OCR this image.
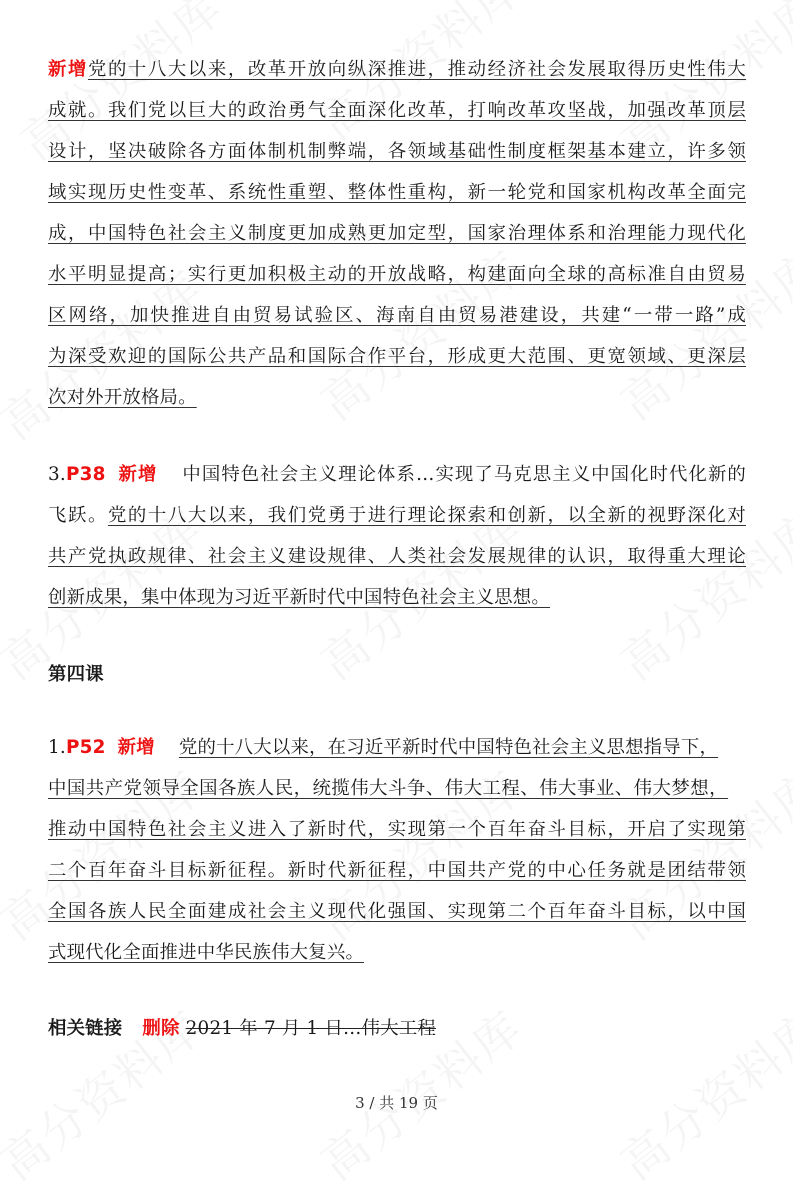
新增党的十八大以来，改革开放向纵深推进，推动经济社会发展取得历史性伟大
成就。我们党以巨大的政治勇气全面深化改革，打响改革攻坚战，加强改革顶层
设计，坚决破除各方面体制机制弊端，各领域基础性制度框架基本建立，许多领
域实现历史性变革、系统性重塑、整体性重构，新一轮党和国家机构改革全面完
成，中国特色社会主义制度更加成熟更加定型，国家治理体系和治理能力现代化
水平明显提高；实行更加积极主动的开放战略，构建面向全球的高标准自由贸易
区网络，加快推进自由贸易试验区、海南自由贸易港建设，共建“一带一路”成
为深受欢迎的国际公共产品和国际合作平台，形成更大范围、更宽领域、更深层
次对外开放格局。
3.P38 新增 中国特色社会主义理论体系…实现了马克思主义中国化时代化新的
飞跃。党的十八大以来，我们党勇于进行理论探索和创新，以全新的视野深化对
共产党执政规律、社会主义建设规律、人类社会发展规律的认识，取得重大理论
创新成果，集中体现为习近平新时代中国特色社会主义思想。
第四课
1.P52 新增 党的十八大以来，在习近平新时代中国特色社会主义思想指导下，
中国共产党领导全国各族人民，统揽伟大斗争、伟大工程、伟大事业、伟大梦想，
推动中国特色社会主义进入了新时代，实现第一个百年奋斗目标，开启了实现第
二个百年奋斗目标新征程。新时代新征程，中国共产党的中心任务就是团结带领
全国各族人民全面建成社会主义现代化强国、实现第二个百年奋斗目标，以中国
式现代化全面推进中华民族伟大复兴。
相关链接 删除 2021 年 7 月 1 日…伟大工程
3 / 共 19 页
